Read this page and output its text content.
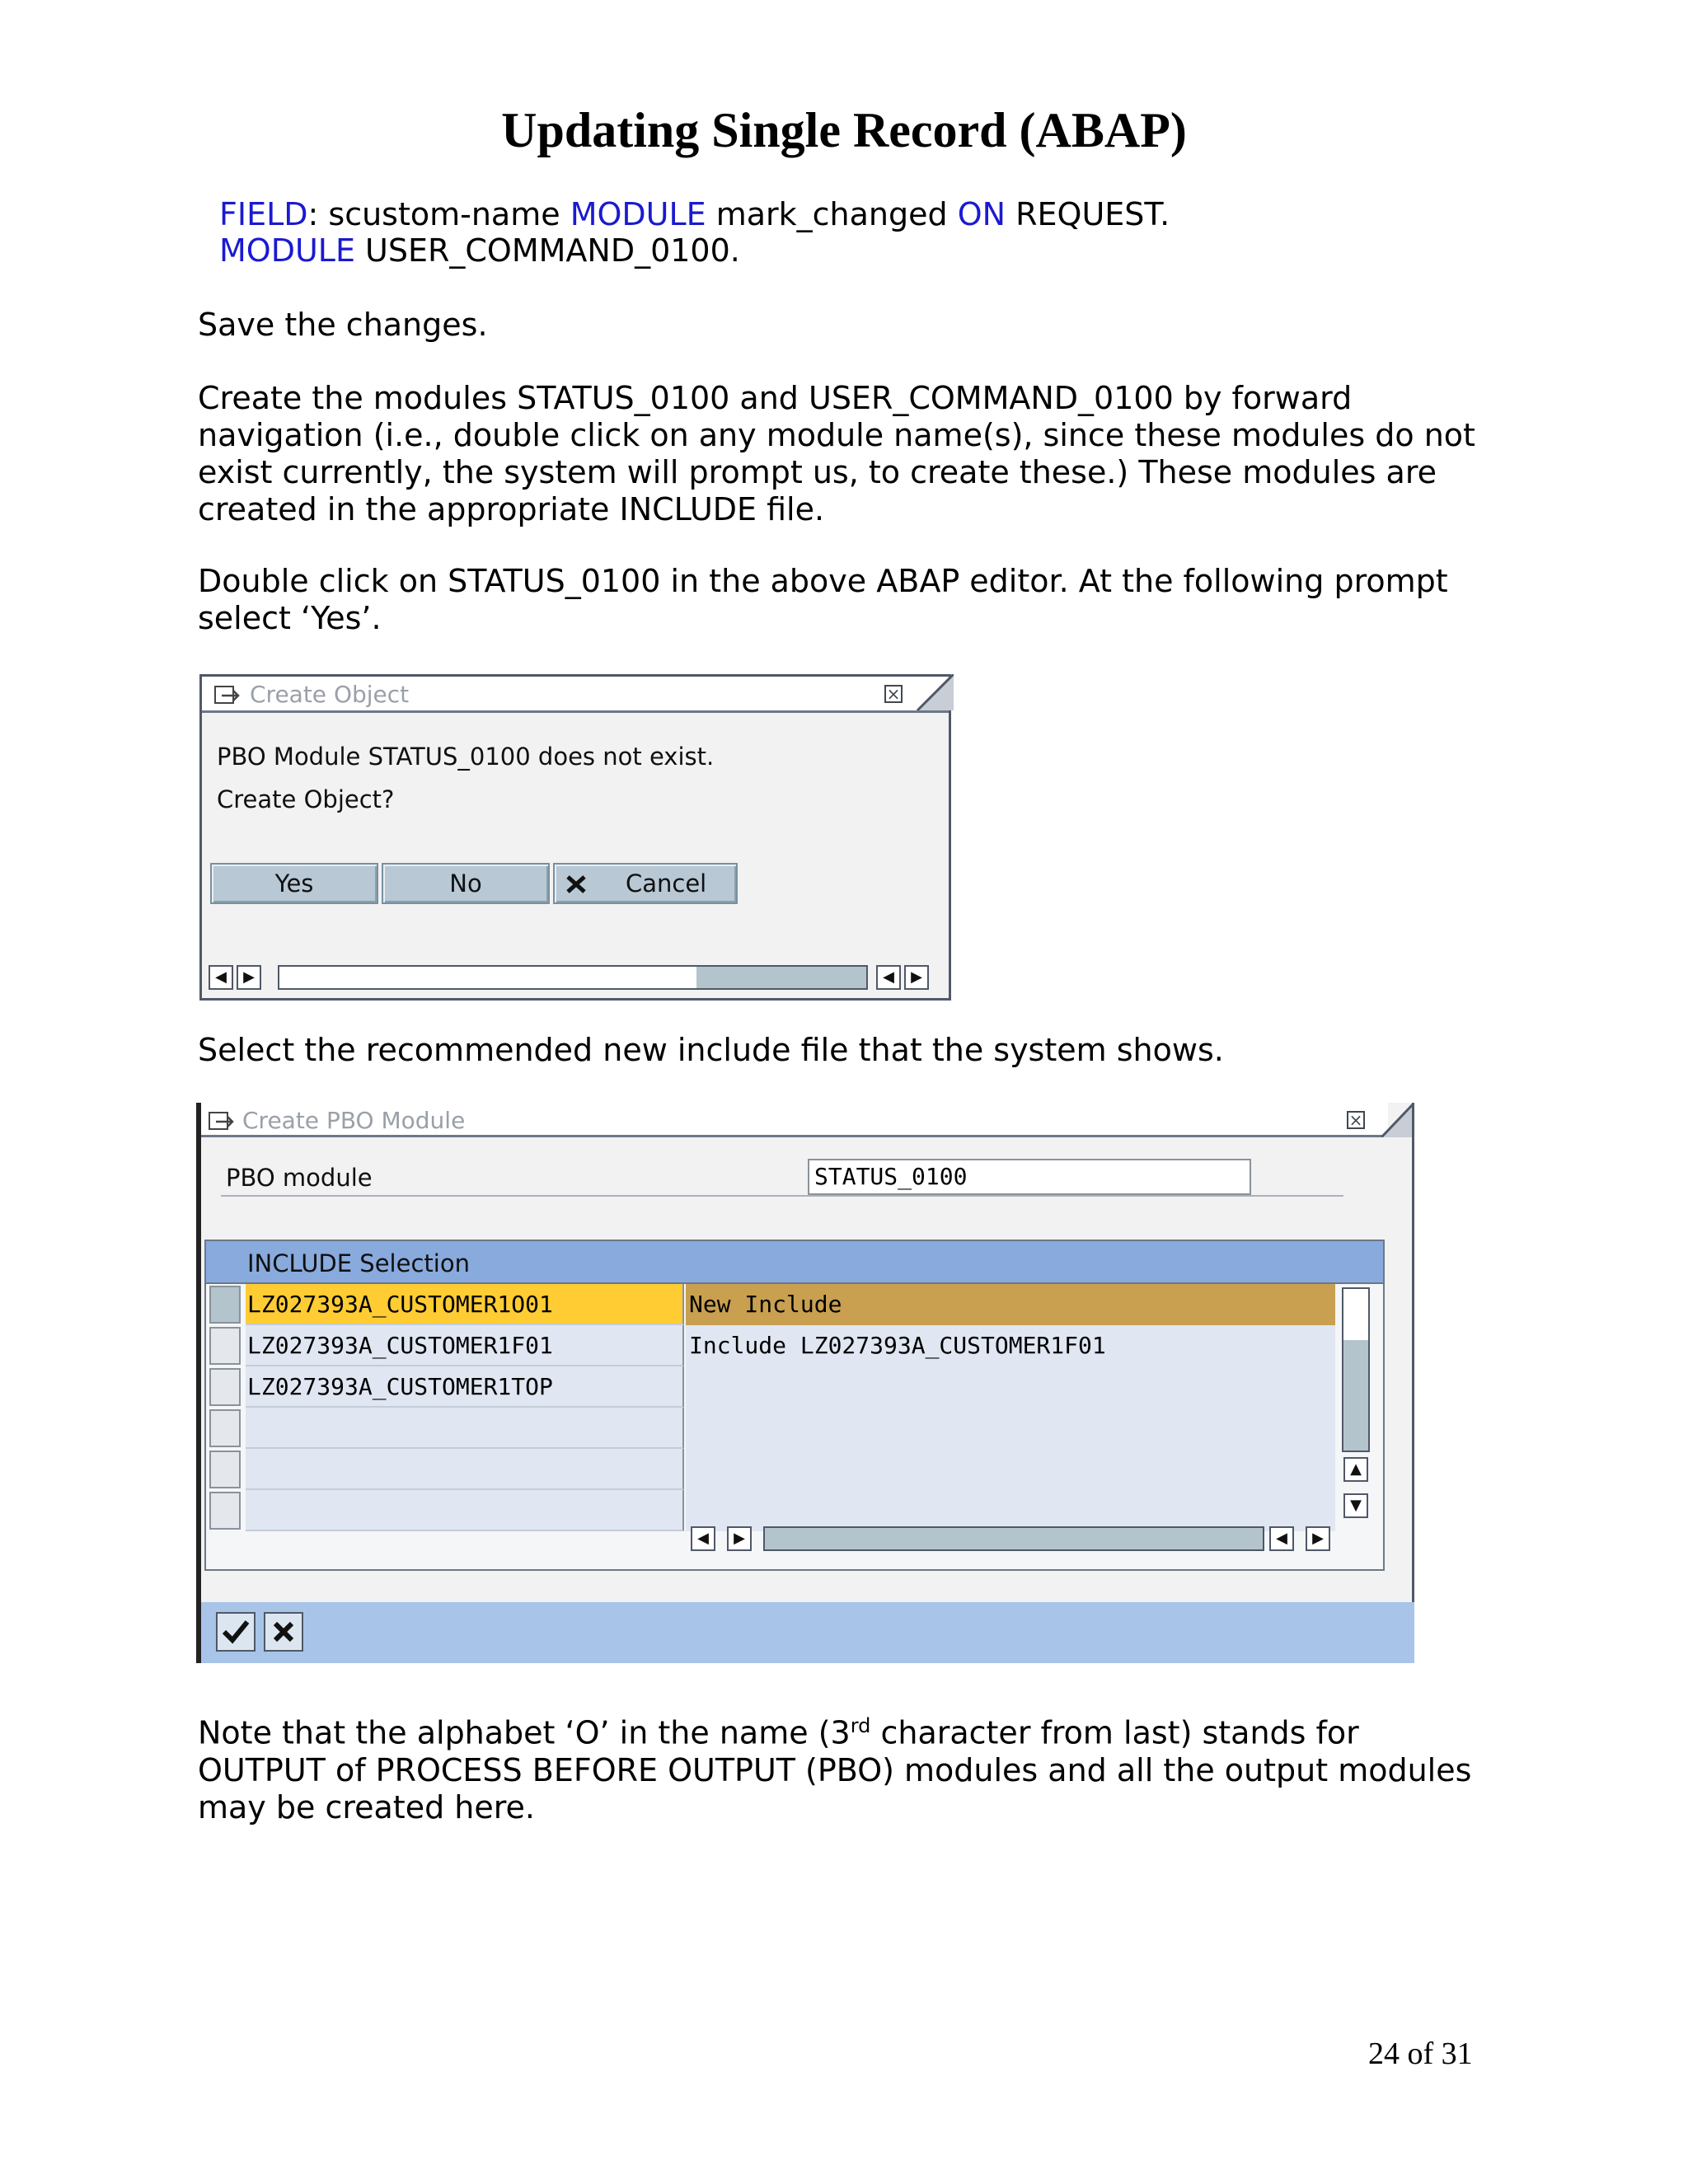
Updating Single Record (ABAP)
FIELD: scustom-name MODULE mark_changed ON REQUEST.
MODULE USER_COMMAND_0100.
Save the changes.
Create the modules STATUS_0100 and USER_COMMAND_0100 by forward navigation (i.e., double click on any module name(s), since these modules do not exist currently, the system will prompt us, to create these.) These modules are created in the appropriate INCLUDE file.
Double click on STATUS_0100 in the above ABAP editor. At the following prompt select ‘Yes’.
Create Object	×
PBO Module STATUS_0100 does not exist.
Create Object?
Yes	No	Cancel
◀	▶	◀	▶
Select the recommended new include file that the system shows.
Create PBO Module	×
PBO module	STATUS_0100
INCLUDE Selection
LZ027393A_CUSTOMER1O01	New Include
LZ027393A_CUSTOMER1F01	Include LZ027393A_CUSTOMER1F01
LZ027393A_CUSTOMER1TOP
▲
▼
◀	▶	◀	▶
Note that the alphabet ‘O’ in the name (3rd character from last) stands for OUTPUT of PROCESS BEFORE OUTPUT (PBO) modules and all the output modules may be created here.
24 of 31
